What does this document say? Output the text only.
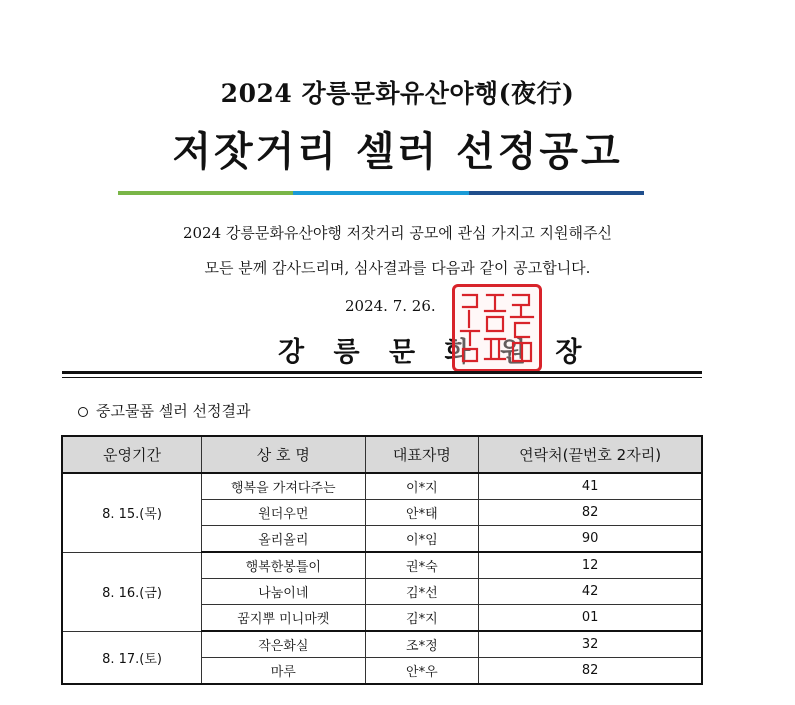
2024 강릉문화유산야행(夜行)
저잣거리 셀러 선정공고
2024 강릉문화유산야행 저잣거리 공모에 관심 가지고 지원해주신
모든 분께 감사드리며, 심사결과를 다음과 같이 공고합니다.
2024. 7. 26.
강 릉 문 화 원 장
중고물품 셀러 선정결과
운영기간	상 호 명	대표자명	연락처(끝번호 2자리)
8. 15.(목)	행복을 가져다주는	이*지	41
	원더우먼	안*태	82
	올리올리	이*임	90
8. 16.(금)	행복한봉틀이	권*숙	12
	나눔이네	김*선	42
	꿈지뿌 미니마켓	김*지	01
8. 17.(토)	작은화실	조*정	32
	마루	안*우	82
